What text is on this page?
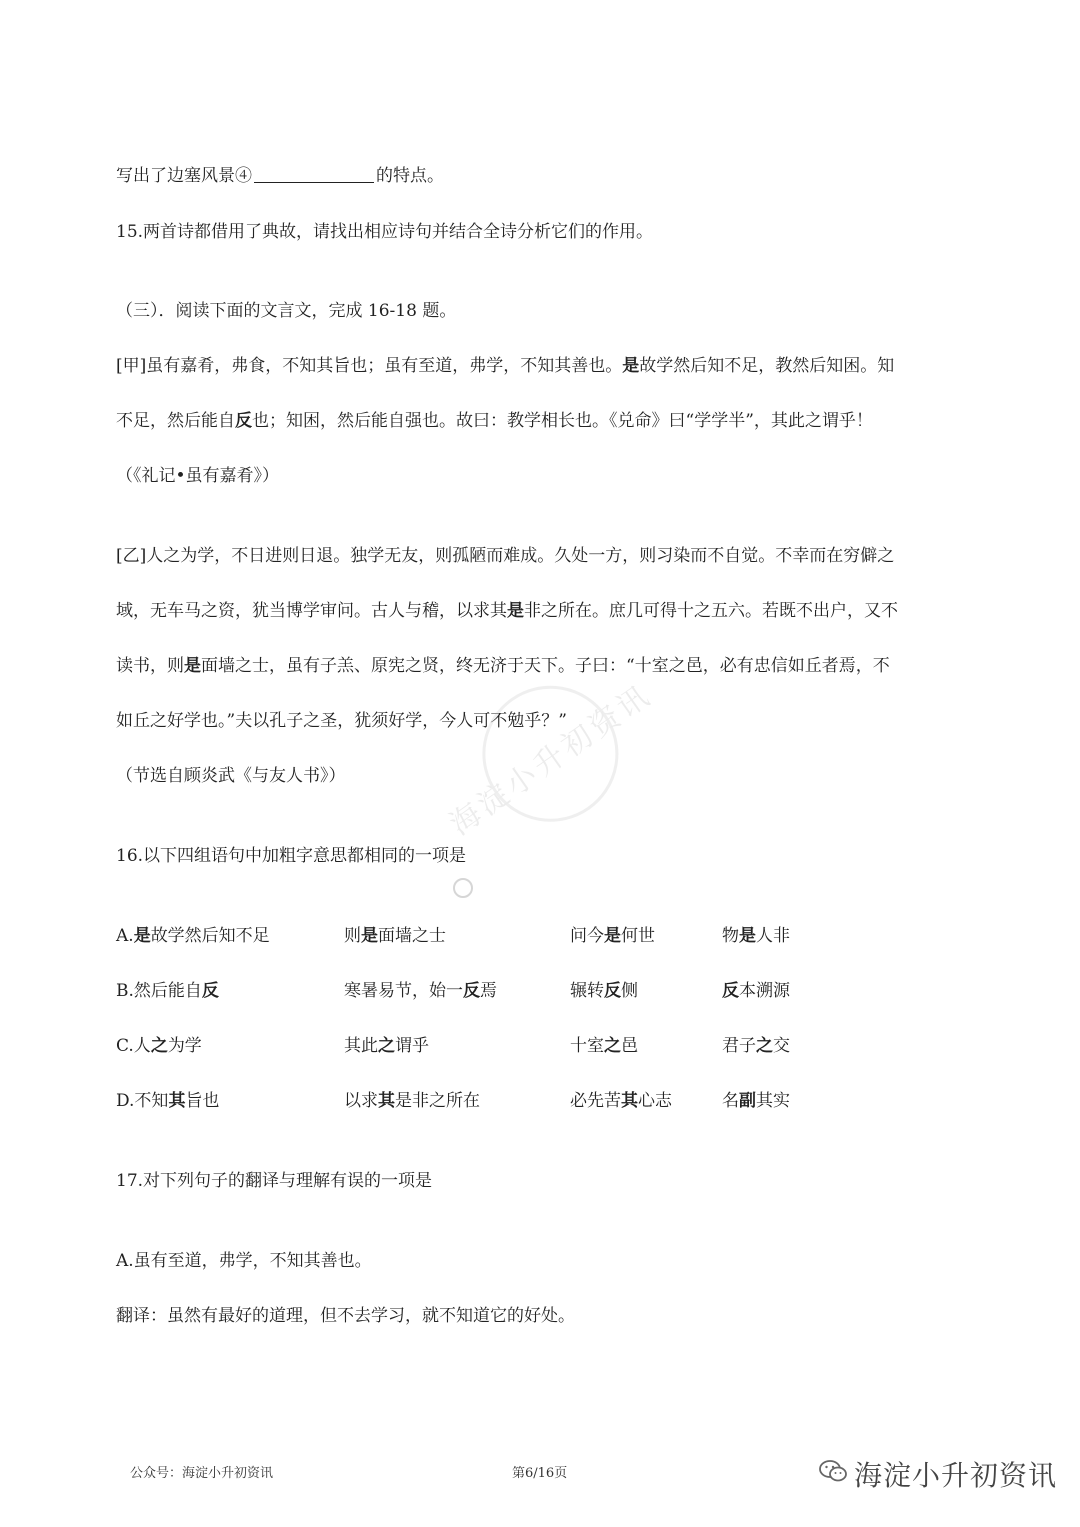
写出了边塞风景④	的特点。
15.两首诗都借用了典故，请找出相应诗句并结合全诗分析它们的作用。
（三）．阅读下面的文言文，完成 16-18 题。
[甲]虽有嘉肴，弗食，不知其旨也；虽有至道，弗学，不知其善也。是故学然后知不足，教然后知困。知
不足，然后能自反也；知困，然后能自强也。故曰：教学相长也。《兑命》曰“学学半”，其此之谓乎！
（《礼记•虽有嘉肴》）
[乙]人之为学，不日进则日退。独学无友，则孤陋而难成。久处一方，则习染而不自觉。不幸而在穷僻之
域，无车马之资，犹当博学审问。古人与稽，以求其是非之所在。庶几可得十之五六。若既不出户，又不
读书，则是面墙之士，虽有子羔、原宪之贤，终无济于天下。子曰：“十室之邑，必有忠信如丘者焉，不
如丘之好学也。”夫以孔子之圣，犹须好学，今人可不勉乎？”
（节选自顾炎武《与友人书》）
16.以下四组语句中加粗字意思都相同的一项是
A.是故学然后知不足	则是面墙之士	问今是何世	物是人非
B.然后能自反	寒暑易节，始一反焉	辗转反侧	反本溯源
C.人之为学	其此之谓乎	十室之邑	君子之交
D.不知其旨也	以求其是非之所在	必先苦其心志	名副其实
17.对下列句子的翻译与理解有误的一项是
A.虽有至道，弗学，不知其善也。
翻译：虽然有最好的道理，但不去学习，就不知道它的好处。
海淀小升初资讯
公众号：海淀小升初资讯	第6/16页	海淀小升初资讯
